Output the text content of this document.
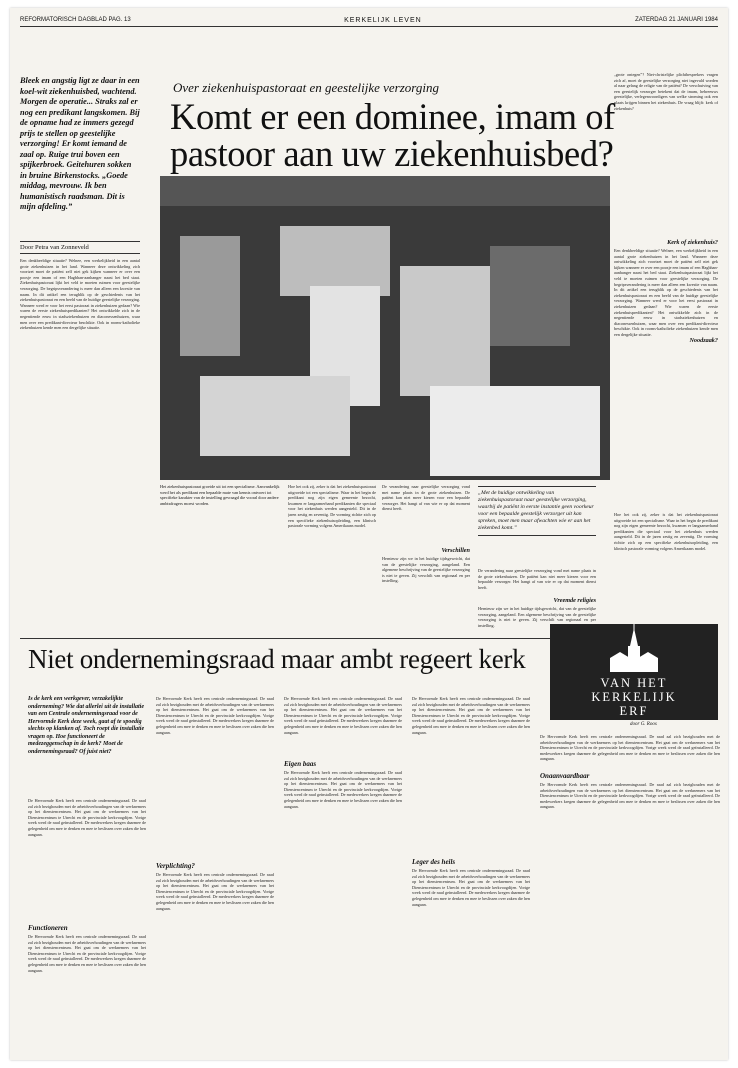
REFORMATORISCH DAGBLAD PAG. 13	KERKELIJK LEVEN	ZATERDAG 21 JANUARI 1984
Bleek en angstig ligt ze daar in een koel-wit ziekenhuisbed, wachtend. Morgen de operatie... Straks zal er nog een predikant langskomen. Bij de opname had ze immers gezegd prijs te stellen op geestelijke verzorging! Er komt iemand de zaal op. Ruige trui boven een spijkerbroek. Geitehuren sokken in bruine Birkenstocks. „Goede middag, mevrouw. Ik ben humanistisch raadsman. Dit is mijn afdeling.”
Door Petra van Zonneveld
Een denkbeeldige situatie? Welnee, een werkelijkheid in een aantal grote ziekenhuizen in het land. Wanneer deze ontwikkeling zich voortzet moet de patiënt zelf niet gek kijken wanneer er over een poosje een imam of een Hagbhan-aanhanger naast het bed staat. Ziekenhuispastoraat lijkt het veld te moeten ruimen voor geestelijke verzorging. De begripsverandering is meer dan alleen een kwestie van naam. In dit artikel een terugblik op de geschiedenis van het ziekenhuispastoraat en een beeld van de huidige geestelijke verzorging. Wanneer werd er voor het eerst pastoraat in ziekenhuizen gedaan? Wie waren de eerste ziekenhuispredikanten? Het ontwikkelde zich in de negentiende eeuw in stadsziekenhuizen en diaconessenhuizen, waar men over een predikant-directeur beschikte. Ook in rooms-katholieke ziekenhuizen kende men een dergelijke situatie.
Over ziekenhuispastoraat en geestelijke verzorging
Komt er een dominee, imam of
pastoor aan uw ziekenhuisbed?
Het ziekenhuispastoraat groeide uit tot een specialisme. Aanvankelijk werd het als predikant een bepaalde mate van kennis ontvoert tot specifieke karakter van de instelling gevraagd die vooral door andere ambtsdragers moest worden.
Hoe het ook zij, zeker is dat het ziekenhuispastoraat uitgroeide tot een specialisme. Waar in het begin de predikant nog zijn eigen gemeente bezocht, kwamen er langzamerhand predikanten die speciaal voor het ziekenhuis werden aangesteld. Dit in de jaren zestig en zeventig. De vorming richtte zich op een specifieke ziekenhuisopleiding, een klinisch pastorale vorming volgens Amerikaans model.
De verandering naar geestelijke verzorging vond met name plaats in de grote ziekenhuizen. De patiënt kan niet meer kiezen voor een bepaalde verzorger. Het hangt af van wie er op dat moment dienst heeft.
Verschillen
Hernieuw zijn we in het huidige tijdsgewricht, dat van de geestelijke verzorging, aangeland. Een algemene beschrijving van de geestelijke verzorging is niet te geven. Zij verschilt van regionaal en per instelling.
„Met de huidige ontwikkeling van ziekenhuispastoraat naar geestelijke verzorging, waarbij de patiënt in eerste instantie geen voorkeur voor een bepaalde geestelijk verzorger uit kan spreken, moet men maar afwachten wie er aan het ziekenbed komt.”
De verandering naar geestelijke verzorging vond met name plaats in de grote ziekenhuizen. De patiënt kan niet meer kiezen voor een bepaalde verzorger. Het hangt af van wie er op dat moment dienst heeft.
Vreemde religies
Hernieuw zijn we in het huidige tijdsgewricht, dat van de geestelijke verzorging, aangeland. Een algemene beschrijving van de geestelijke verzorging is niet te geven. Zij verschilt van regionaal en per instelling.
„grote ontegen”? Niet-christelijke plichtbesprekers vragen zich af, moet de geestelijke verzorging niet ingevuld worden al naar gelang de religie van de patiënt? De verschuiving van een geestelijk verzorger betekent dat de imam, hebreeuws geestelijke, verlegenwoordigers van welke stroming ook een plaats krijgen binnen het ziekenhuis. De vraag blijft: kerk of ziekenhuis?
Kerk of ziekenhuis?
Een denkbeeldige situatie? Welnee, een werkelijkheid in een aantal grote ziekenhuizen in het land. Wanneer deze ontwikkeling zich voortzet moet de patiënt zelf niet gek kijken wanneer er over een poosje een imam of een Hagbhan-aanhanger naast het bed staat. Ziekenhuispastoraat lijkt het veld te moeten ruimen voor geestelijke verzorging. De begripsverandering is meer dan alleen een kwestie van naam. In dit artikel een terugblik op de geschiedenis van het ziekenhuispastoraat en een beeld van de huidige geestelijke verzorging. Wanneer werd er voor het eerst pastoraat in ziekenhuizen gedaan? Wie waren de eerste ziekenhuispredikanten? Het ontwikkelde zich in de negentiende eeuw in stadsziekenhuizen en diaconessenhuizen, waar men over een predikant-directeur beschikte. Ook in rooms-katholieke ziekenhuizen kende men een dergelijke situatie.
Noodzaak?
Hoe het ook zij, zeker is dat het ziekenhuispastoraat uitgroeide tot een specialisme. Waar in het begin de predikant nog zijn eigen gemeente bezocht, kwamen er langzamerhand predikanten die speciaal voor het ziekenhuis werden aangesteld. Dit in de jaren zestig en zeventig. De vorming richtte zich op een specifieke ziekenhuisopleiding, een klinisch pastorale vorming volgens Amerikaans model.
Niet ondernemingsraad maar ambt regeert kerk
Is de kerk een werkgever, verzakelijkte onderneming? Wie dat allerlei uit de installatie van een Centrale ondernemingsraad voor de Hervormde Kerk deze week, gaat af te spoedig slechts op klanken af. Toch roept die installatie vragen op. Hoe functioneert de medezeggenschap in de kerk? Moet de ondernemingsraad? Of juist niet?
De Hervormde Kerk heeft een centrale ondernemingsraad. De raad zal zich bezighouden met de arbeidsverhoudingen van de werknemers op het dienstencentrum. Het gaat om de werknemers van het Dienstencentrum te Utrecht en de provinciale kerkvoogdijen. Vorige week werd de raad geïnstalleerd. De medewerkers kregen daarmee de gelegenheid om mee te denken en mee te beslissen over zaken die hen aangaan.
Functioneren
De Hervormde Kerk heeft een centrale ondernemingsraad. De raad zal zich bezighouden met de arbeidsverhoudingen van de werknemers op het dienstencentrum. Het gaat om de werknemers van het Dienstencentrum te Utrecht en de provinciale kerkvoogdijen. Vorige week werd de raad geïnstalleerd. De medewerkers kregen daarmee de gelegenheid om mee te denken en mee te beslissen over zaken die hen aangaan.
De Hervormde Kerk heeft een centrale ondernemingsraad. De raad zal zich bezighouden met de arbeidsverhoudingen van de werknemers op het dienstencentrum. Het gaat om de werknemers van het Dienstencentrum te Utrecht en de provinciale kerkvoogdijen. Vorige week werd de raad geïnstalleerd. De medewerkers kregen daarmee de gelegenheid om mee te denken en mee te beslissen over zaken die hen aangaan.
Verplichting?
De Hervormde Kerk heeft een centrale ondernemingsraad. De raad zal zich bezighouden met de arbeidsverhoudingen van de werknemers op het dienstencentrum. Het gaat om de werknemers van het Dienstencentrum te Utrecht en de provinciale kerkvoogdijen. Vorige week werd de raad geïnstalleerd. De medewerkers kregen daarmee de gelegenheid om mee te denken en mee te beslissen over zaken die hen aangaan.
De Hervormde Kerk heeft een centrale ondernemingsraad. De raad zal zich bezighouden met de arbeidsverhoudingen van de werknemers op het dienstencentrum. Het gaat om de werknemers van het Dienstencentrum te Utrecht en de provinciale kerkvoogdijen. Vorige week werd de raad geïnstalleerd. De medewerkers kregen daarmee de gelegenheid om mee te denken en mee te beslissen over zaken die hen aangaan.
Eigen baas
De Hervormde Kerk heeft een centrale ondernemingsraad. De raad zal zich bezighouden met de arbeidsverhoudingen van de werknemers op het dienstencentrum. Het gaat om de werknemers van het Dienstencentrum te Utrecht en de provinciale kerkvoogdijen. Vorige week werd de raad geïnstalleerd. De medewerkers kregen daarmee de gelegenheid om mee te denken en mee te beslissen over zaken die hen aangaan.
De Hervormde Kerk heeft een centrale ondernemingsraad. De raad zal zich bezighouden met de arbeidsverhoudingen van de werknemers op het dienstencentrum. Het gaat om de werknemers van het Dienstencentrum te Utrecht en de provinciale kerkvoogdijen. Vorige week werd de raad geïnstalleerd. De medewerkers kregen daarmee de gelegenheid om mee te denken en mee te beslissen over zaken die hen aangaan.
Leger des heils
De Hervormde Kerk heeft een centrale ondernemingsraad. De raad zal zich bezighouden met de arbeidsverhoudingen van de werknemers op het dienstencentrum. Het gaat om de werknemers van het Dienstencentrum te Utrecht en de provinciale kerkvoogdijen. Vorige week werd de raad geïnstalleerd. De medewerkers kregen daarmee de gelegenheid om mee te denken en mee te beslissen over zaken die hen aangaan.
VAN HET
KERKELIJK
ERF
door G. Roos
De Hervormde Kerk heeft een centrale ondernemingsraad. De raad zal zich bezighouden met de arbeidsverhoudingen van de werknemers op het dienstencentrum. Het gaat om de werknemers van het Dienstencentrum te Utrecht en de provinciale kerkvoogdijen. Vorige week werd de raad geïnstalleerd. De medewerkers kregen daarmee de gelegenheid om mee te denken en mee te beslissen over zaken die hen aangaan.
Onaanvaardbaar
De Hervormde Kerk heeft een centrale ondernemingsraad. De raad zal zich bezighouden met de arbeidsverhoudingen van de werknemers op het dienstencentrum. Het gaat om de werknemers van het Dienstencentrum te Utrecht en de provinciale kerkvoogdijen. Vorige week werd de raad geïnstalleerd. De medewerkers kregen daarmee de gelegenheid om mee te denken en mee te beslissen over zaken die hen aangaan.
